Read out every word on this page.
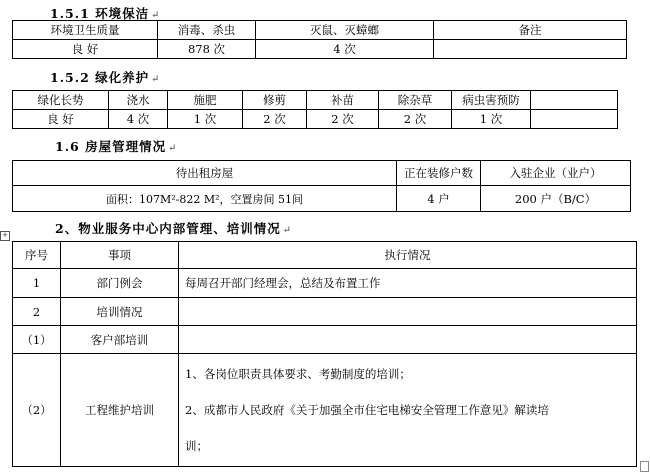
1.5.1 环境保洁 ↵
环境卫生质量	消毒、杀虫	灭鼠、灭蟑螂	备注
良 好	878 次	4 次	
1.5.2 绿化养护 ↵
绿化长势	浇水	施肥	修剪	补苗	除杂草	病虫害预防	
良 好	4 次	1 次	2 次	2 次	2 次	1 次	
1.6 房屋管理情况 ↵
待出租房屋	正在装修户数	入驻企业（业户）
面积：107M²-822 M²，空置房间 51间	4 户	200 户（B/C）
+	2、物业服务中心内部管理、培训情况 ↵
序号	事项	执行情况
1	部门例会	每周召开部门经理会，总结及布置工作
2	培训情况	
（1）	客户部培训	
（2）	工程维护培训	1、各岗位职责具体要求、考勤制度的培训；
2、成都市人民政府《关于加强全市住宅电梯安全管理工作意见》解读培
训；
